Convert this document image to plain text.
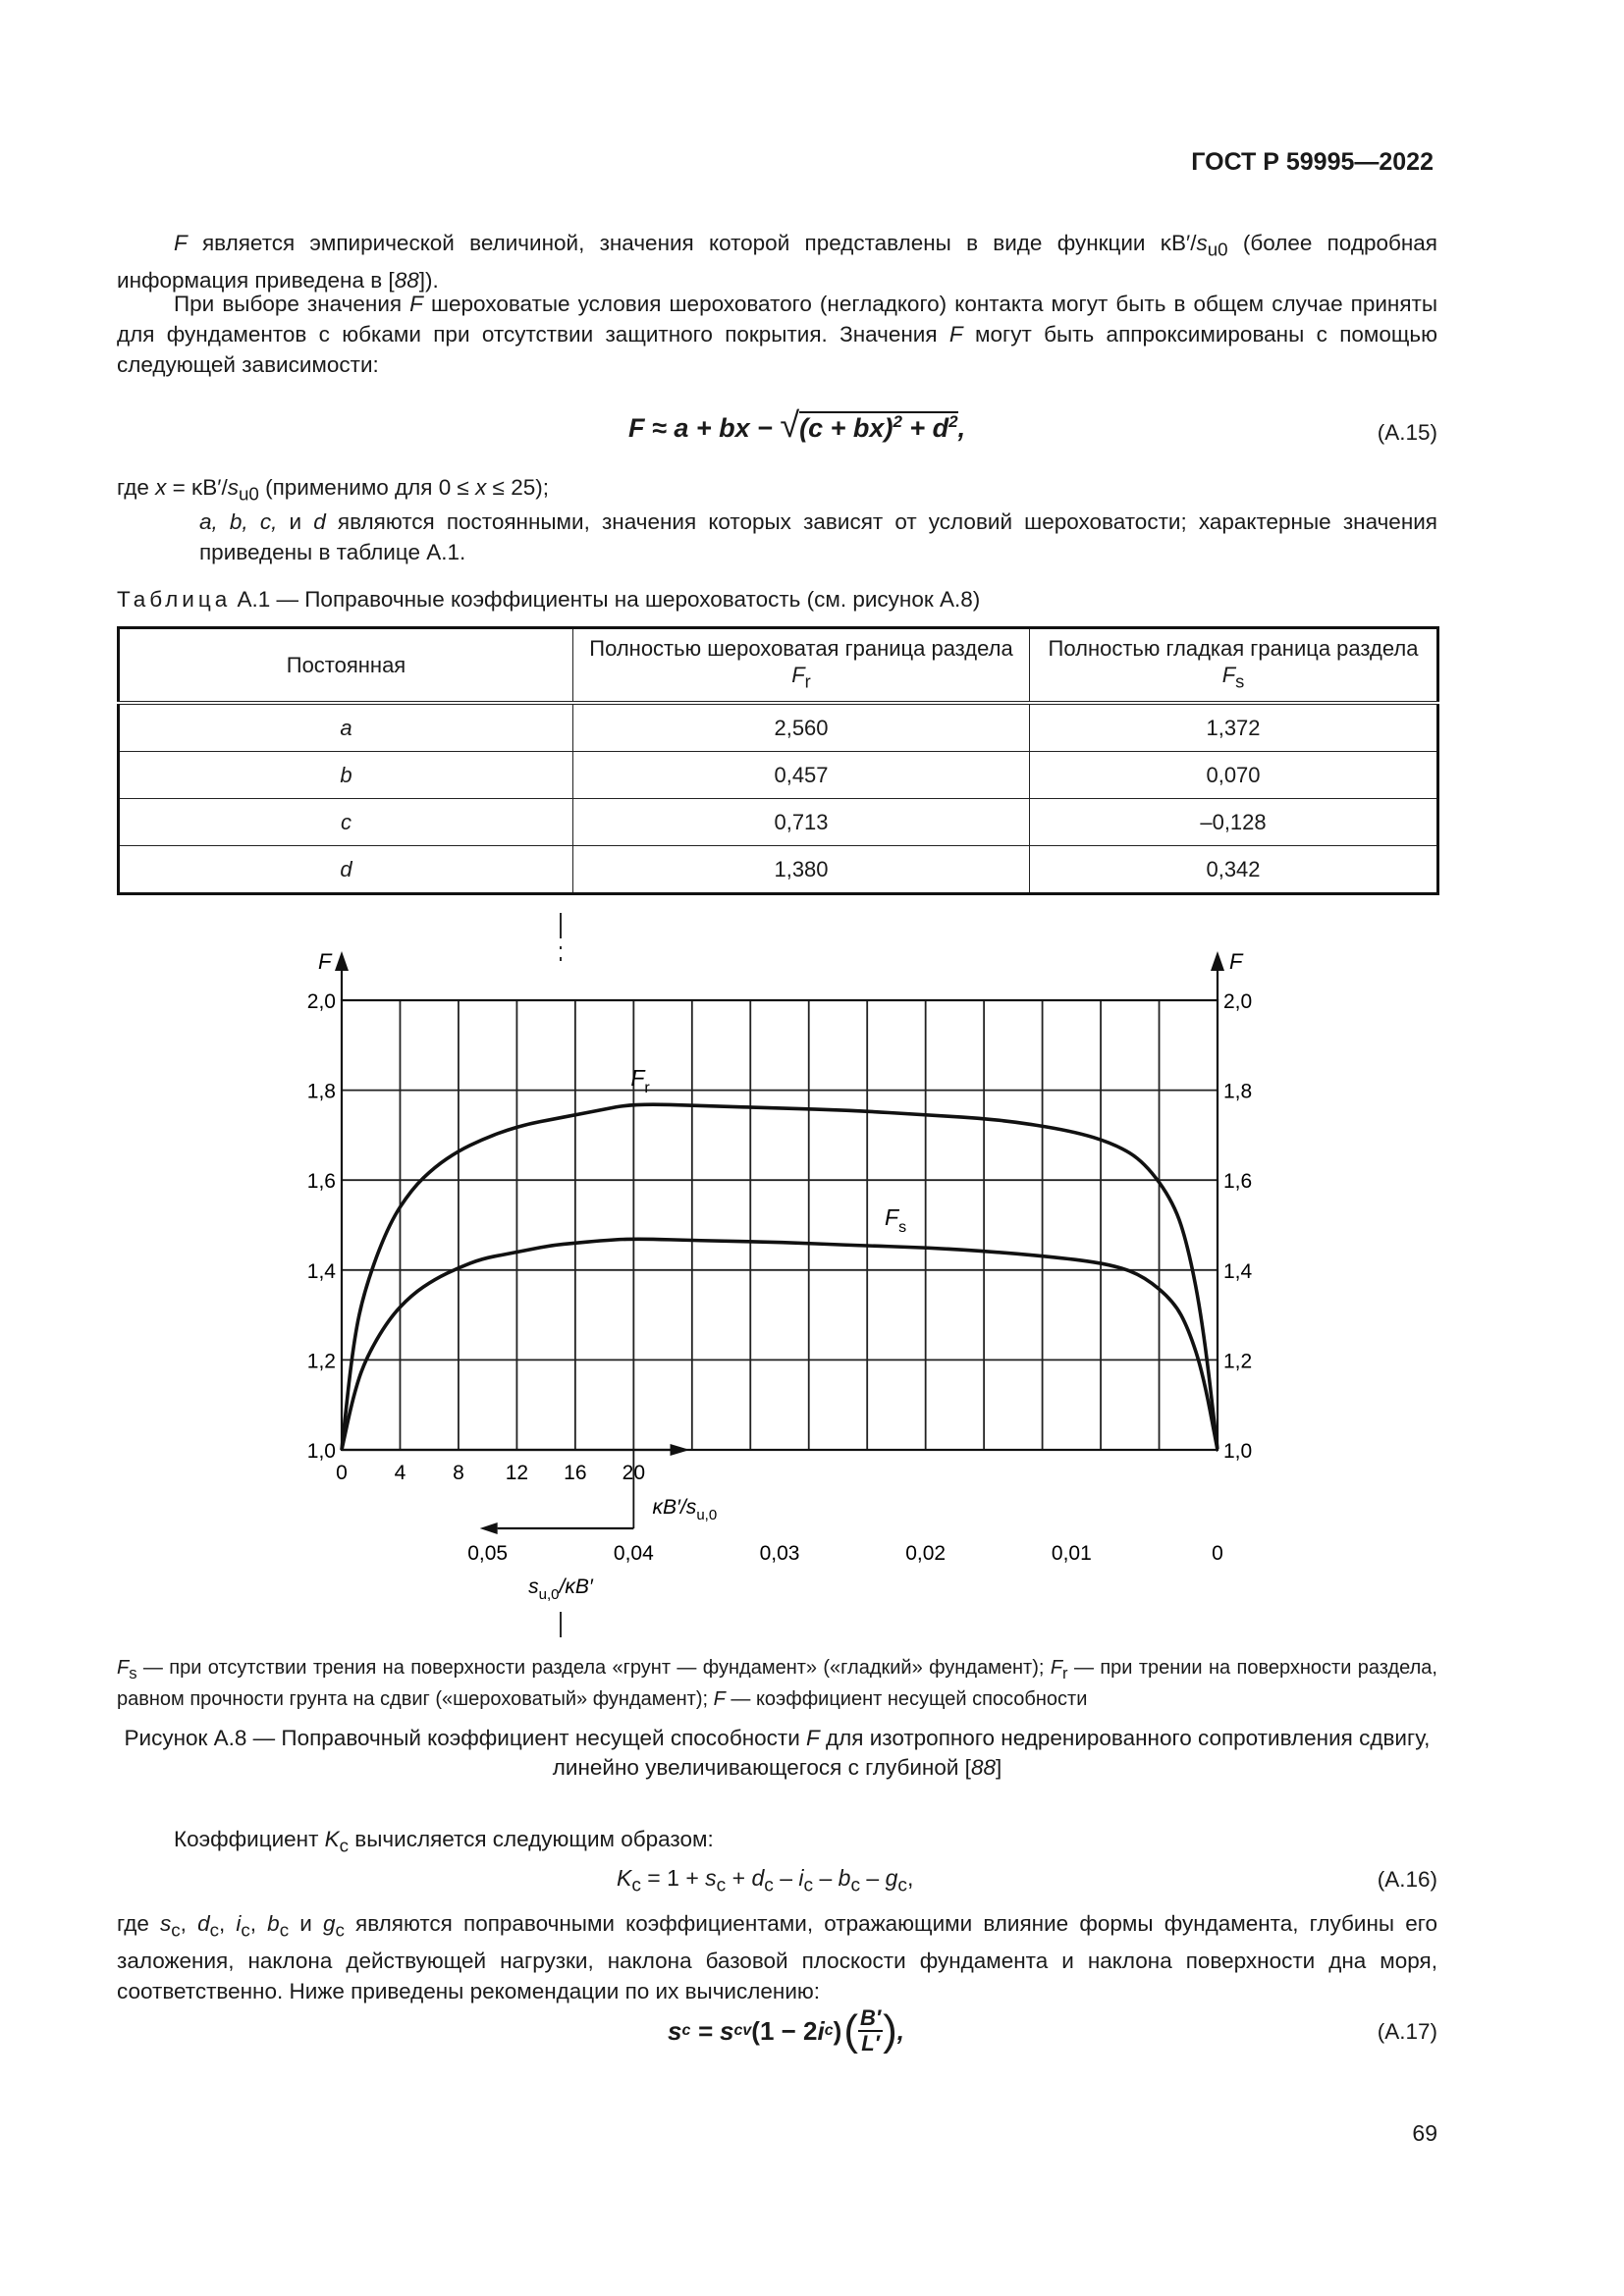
ГОСТ Р 59995—2022

F является эмпирической величиной, значения которой представлены в виде функции $\kappa B'/s_{u0}$ (более подробная информация приведена в [88]).

При выборе значения F шероховатые условия шероховатого (негладкого) контакта могут быть в общем случае приняты для фундаментов с юбками при отсутствии защитного покрытия. Значения F могут быть аппроксимированы с помощью следующей зависимости:

F ≈ a + bx − $√(c + bx)^2 + d^2$,	(A.15)

где $x = \kappa B'/s_{u0}$ (применимо для 0 ≤ x ≤ 25);

a, b, c, и d являются постоянными, значения которых зависят от условий шероховатости; характерные значения приведены в таблице А.1.

Таблица А.1 — Поправочные коэффициенты на шероховатость (см. рисунок А.8)
Постоянная	Полностью шероховатая граница раздела $F_r$	Полностью гладкая граница раздела $F_s$
a	2,560	1,372
b	0,457	0,070
c	0,713	–0,128
d	1,380	0,342
F	F
1,0	1,0
1,2	1,2
1,4	1,4
1,6	1,6
1,8	1,8
2,0	2,0
0 4 8 12 16 20
$\kappa B'/s_{u,0}$
0,05	0,04	0,03	0,02	0,01	0
$s_{u,0}/\kappa B'$
$F_r$
$F_s$

$F_s$ — при отсутствии трения на поверхности раздела «грунт — фундамент» («гладкий» фундамент); $F_r$ — при трении на поверхности раздела, равном прочности грунта на сдвиг («шероховатый» фундамент); F — коэффициент несущей способности

Рисунок А.8 — Поправочный коэффициент несущей способности F для изотропного недренированного сопротивления сдвигу, линейно увеличивающегося с глубиной [88]

Коэффициент $K_c$ вычисляется следующим образом:

$K_c = 1 + s_c + d_c - i_c - b_c - g_c$,	(A.16)

где $s_c$, $d_c$, $i_c$, $b_c$ и $g_c$ являются поправочными коэффициентами, отражающими влияние формы фундамента, глубины его заложения, наклона действующей нагрузки, наклона базовой плоскости фундамента и наклона поверхности дна моря, соответственно. Ниже приведены рекомендации по их вычислению:

s c = s cv (1 − 2 i c ) ( B′
L′ ) ,	(A.17)
69
